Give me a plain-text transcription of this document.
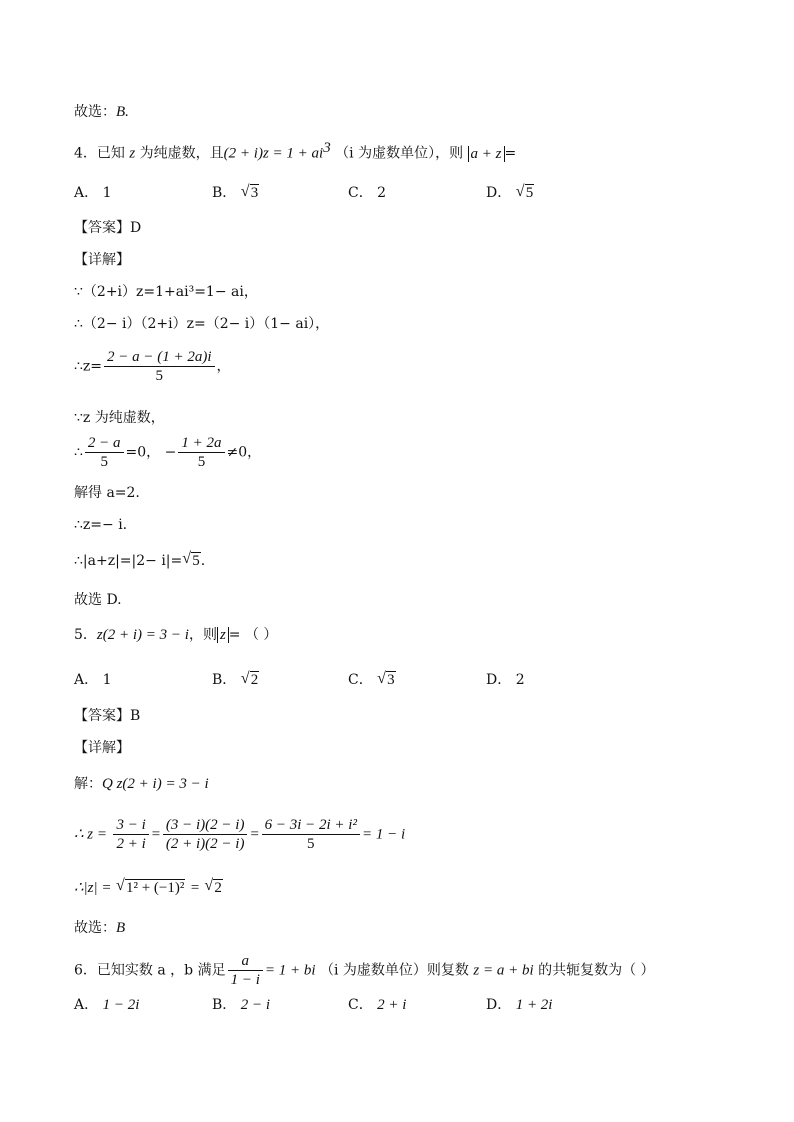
故选：B.
4．已知 z 为纯虚数，且$(2 + i)z = 1 + ai^3$ （i 为虚数单位），则 a + z =
A． 1	B． √ 3	C． 2	D． √ 5
【答案】D
【详解】
∵（2+i）z=1+ai³=1− ai，
∴（2− i）（2+i）z=（2− i）（1− ai），
∴z= $\frac{2 - a - (1 + 2a)i}{5}$ ，
∵z 为纯虚数，
∴ $\frac{2 - a}{5} =0$， − $\frac{1 + 2a}{5} \ne 0$，
解得 a=2.
∴z=− i.
∴|a+z|=|2− i|= √ 5.
故选 D.
5．z(2 + i) = 3 − i，则 z = （ ）
A． 1	B． √ 2	C． √ 3	D． 2
【答案】B
【详解】
解：Q z(2 + i) = 3 − i
∴ $z = \frac{3 - i}{2 + i} = \frac{(3 - i)(2 - i)}{(2 + i)(2 - i)} = \frac{\text{6 − 3i − 2i + i²}}{5} = 1 - i$
∴|z| = √ 1² + (−1)² = √ 2
故选：B
6．已知实数 a ，b 满足 $\frac{a}{1 - i} = 1$ + bi （i 为虚数单位）则复数 z = a + bi 的共轭复数为（ ）
A． 1 − 2i	B． 2 − i	C． 2 + i	D． 1 + 2i
